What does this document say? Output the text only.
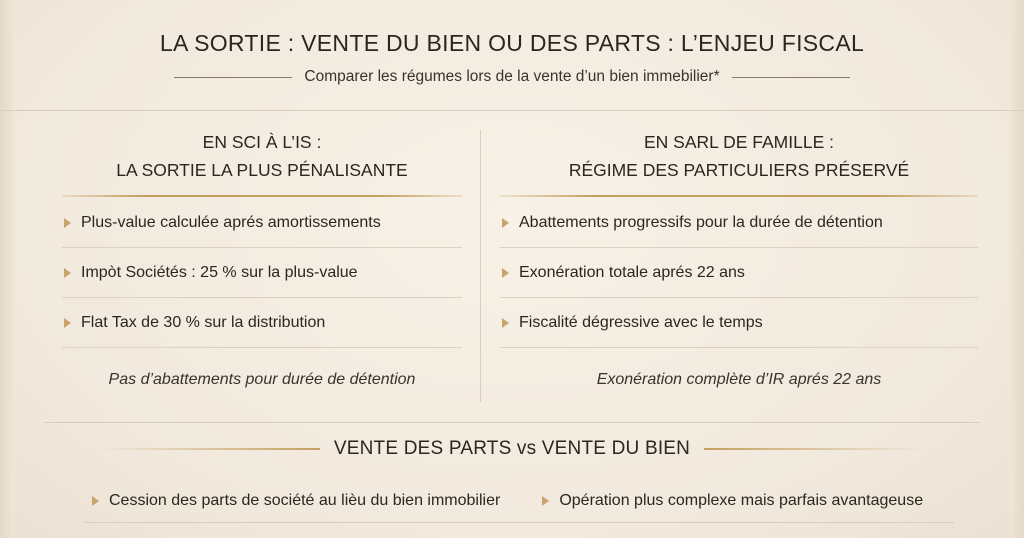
LA SORTIE : VENTE DU BIEN OU DES PARTS : L’ENJEU FISCAL
Comparer les régumes lors de la vente d’un bien immebilier*
EN SCI À L’IS :
LA SORTIE LA PLUS PÉNALISANTE
Plus-value calculée aprés amortissements
Impòt Sociétés : 25 % sur la plus-value
Flat Tax de 30 % sur la distribution
Pas d’abattements pour durée de détention
EN SARL DE FAMILLE :
RÉGIME DES PARTICULIERS PRÉSERVÉ
Abattements progressifs pour la durée de détention
Exonération totale aprés 22 ans
Fiscalité dégressive avec le temps
Exonération complète d’IR aprés 22 ans
VENTE DES PARTS vs VENTE DU BIEN
Cession des parts de société au lièu du bien immobilier	Opération plus complexe mais parfais avantageuse
